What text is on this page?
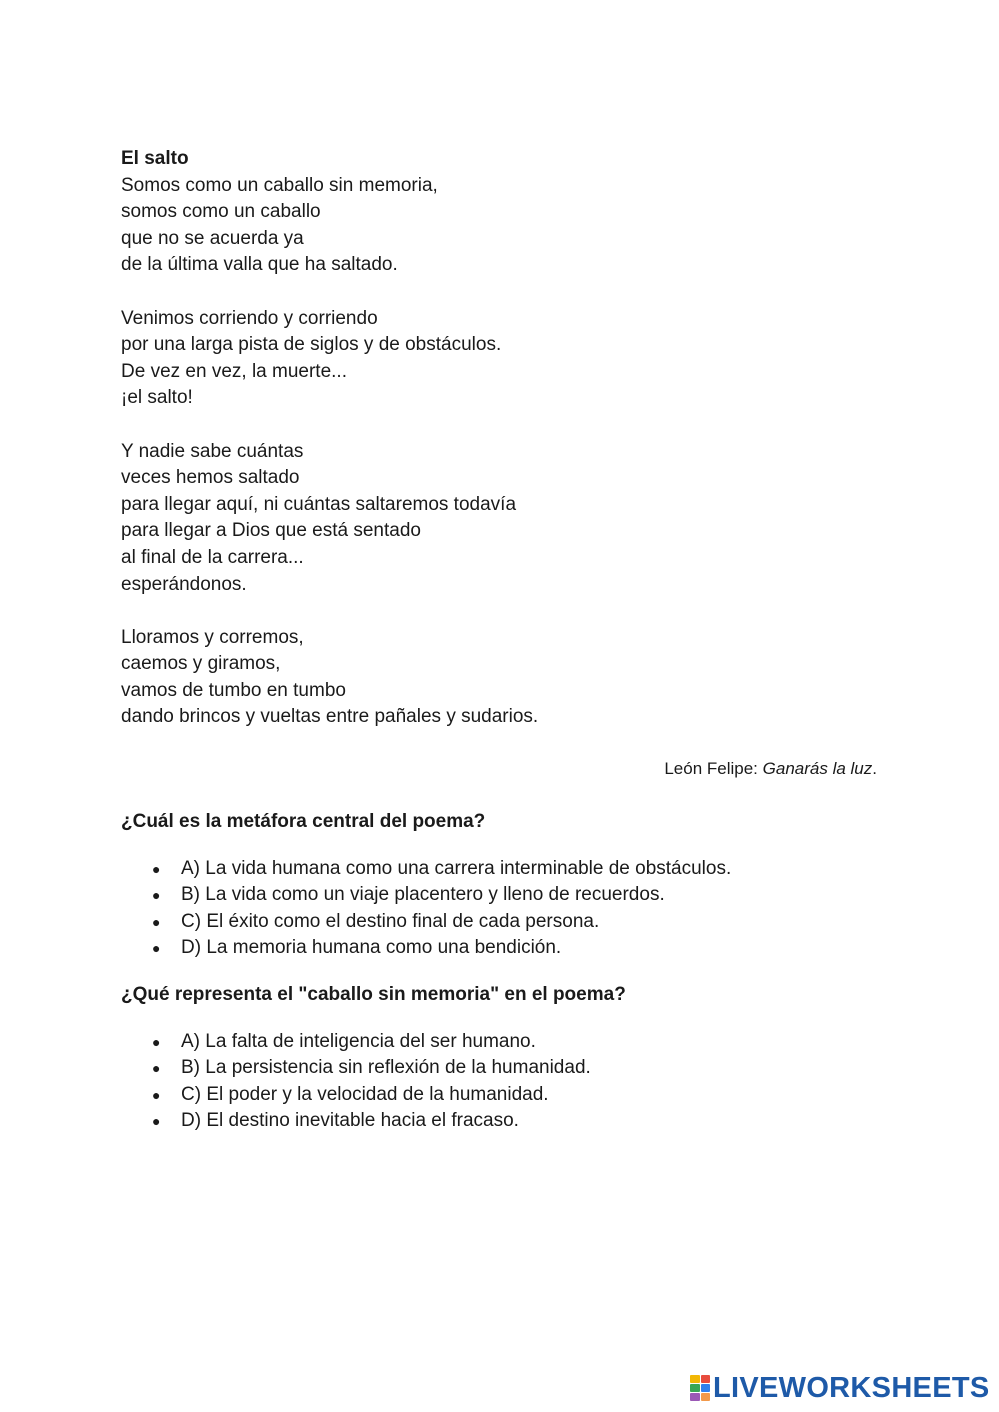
El salto
Somos como un caballo sin memoria,
somos como un caballo
que no se acuerda ya
de la última valla que ha saltado.
Venimos corriendo y corriendo
por una larga pista de siglos y de obstáculos.
De vez en vez, la muerte...
¡el salto!
Y nadie sabe cuántas
veces hemos saltado
para llegar aquí, ni cuántas saltaremos todavía
para llegar a Dios que está sentado
al final de la carrera...
esperándonos.
Lloramos y corremos,
caemos y giramos,
vamos de tumbo en tumbo
dando brincos y vueltas entre pañales y sudarios.
León Felipe: Ganarás la luz.
¿Cuál es la metáfora central del poema?
● A) La vida humana como una carrera interminable de obstáculos.
● B) La vida como un viaje placentero y lleno de recuerdos.
● C) El éxito como el destino final de cada persona.
● D) La memoria humana como una bendición.
¿Qué representa el "caballo sin memoria" en el poema?
● A) La falta de inteligencia del ser humano.
● B) La persistencia sin reflexión de la humanidad.
● C) El poder y la velocidad de la humanidad.
● D) El destino inevitable hacia el fracaso.
LIVEWORKSHEETS
